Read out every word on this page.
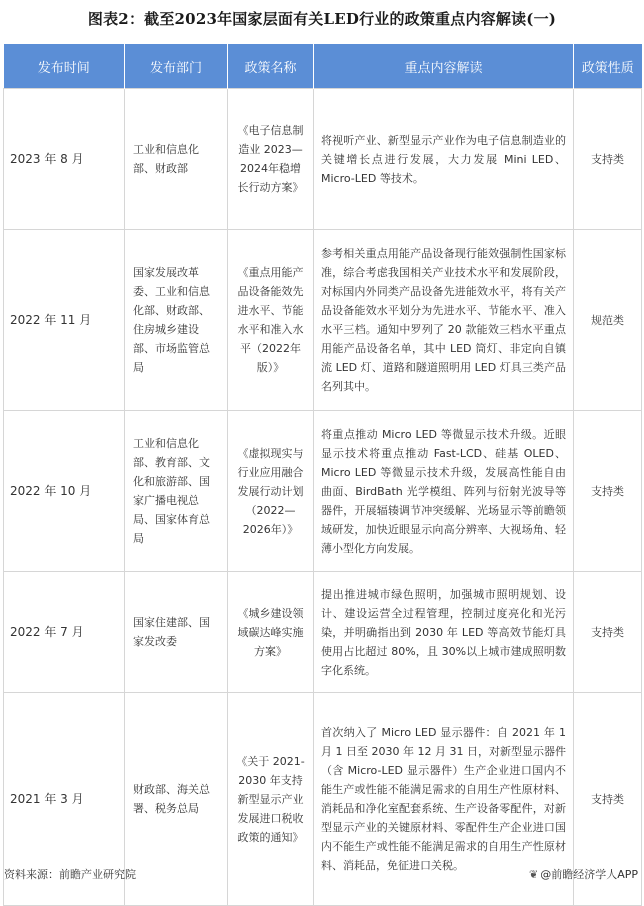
图表2：截至2023年国家层面有关LED行业的政策重点内容解读(一)
发布时间	发布部门	政策名称	重点内容解读	政策性质
2023 年 8 月	工业和信息化部、财政部	《电子信息制造业 2023—2024年稳增长行动方案》	将视听产业、新型显示产业作为电子信息制造业的关键增长点进行发展，大力发展 Mini LED、Micro-LED 等技术。	支持类
2022 年 11 月	国家发展改革委、工业和信息化部、财政部、住房城乡建设部、市场监管总局	《重点用能产品设备能效先进水平、节能水平和准入水平（2022年版）》	参考相关重点用能产品设备现行能效强制性国家标准，综合考虑我国相关产业技术水平和发展阶段，对标国内外同类产品设备先进能效水平，将有关产品设备能效水平划分为先进水平、节能水平、准入水平三档。通知中罗列了 20 款能效三档水平重点用能产品设备名单，其中 LED 筒灯、非定向自镇流 LED 灯、道路和隧道照明用 LED 灯具三类产品名列其中。	规范类
2022 年 10 月	工业和信息化部、教育部、文化和旅游部、国家广播电视总局、国家体育总局	《虚拟现实与行业应用融合发展行动计划（2022—2026年）》	将重点推动 Micro LED 等微显示技术升级。近眼显示技术将重点推动 Fast-LCD、硅基 OLED、Micro LED 等微显示技术升级，发展高性能自由曲面、BirdBath 光学模组、阵列与衍射光波导等器件，开展辐辏调节冲突缓解、光场显示等前瞻领域研发，加快近眼显示向高分辨率、大视场角、轻薄小型化方向发展。	支持类
2022 年 7 月	国家住建部、国家发改委	《城乡建设领域碳达峰实施方案》	提出推进城市绿色照明，加强城市照明规划、设计、建设运营全过程管理，控制过度亮化和光污染，并明确指出到 2030 年 LED 等高效节能灯具使用占比超过 80%，且 30%以上城市建成照明数字化系统。	支持类
2021 年 3 月	财政部、海关总署、税务总局	《关于 2021-2030 年支持新型显示产业发展进口税收政策的通知》	首次纳入了 Micro LED 显示器件：自 2021 年 1 月 1 日至 2030 年 12 月 31 日，对新型显示器件（含 Micro-LED 显示器件）生产企业进口国内不能生产或性能不能满足需求的自用生产性原材料、消耗品和净化室配套系统、生产设备零配件，对新型显示产业的关键原材料、零配件生产企业进口国内不能生产或性能不能满足需求的自用生产性原材料、消耗品，免征进口关税。	支持类
资料来源：前瞻产业研究院	❦ @前瞻经济学人APP
